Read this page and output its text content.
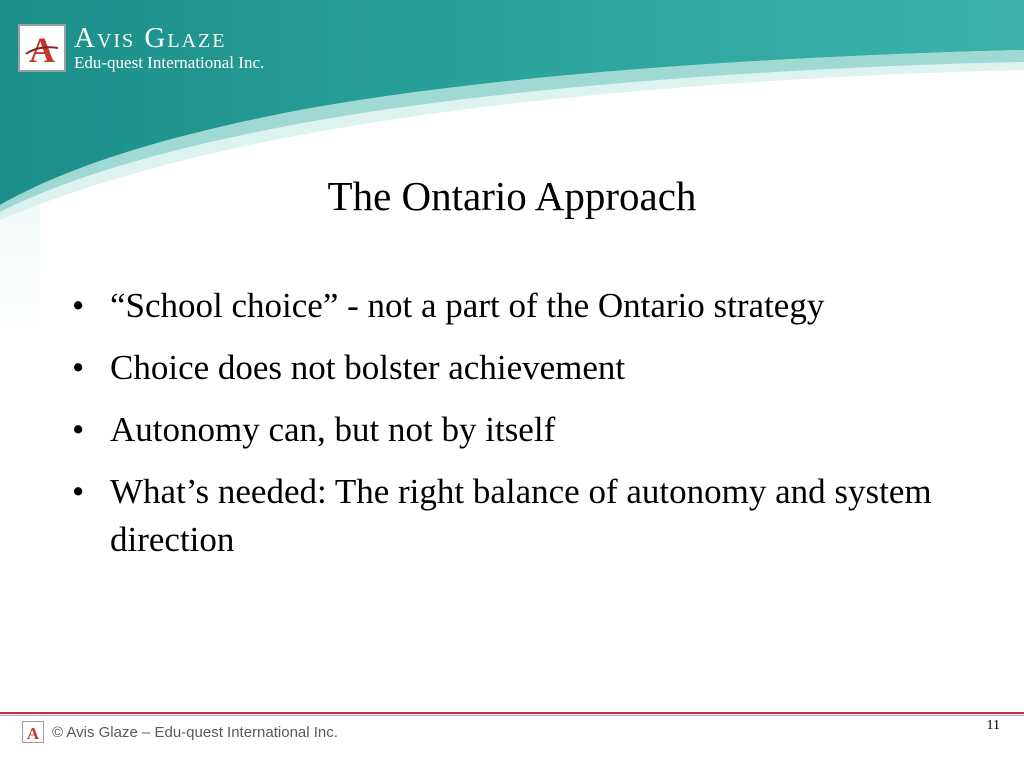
A Avis Glaze
Edu-quest International Inc.
The Ontario Approach
• “School choice” - not a part of the Ontario strategy
• Choice does not bolster achievement
• Autonomy can, but not by itself
• What’s needed: The right balance of autonomy and system direction
A © Avis Glaze – Edu-quest International Inc.	11
